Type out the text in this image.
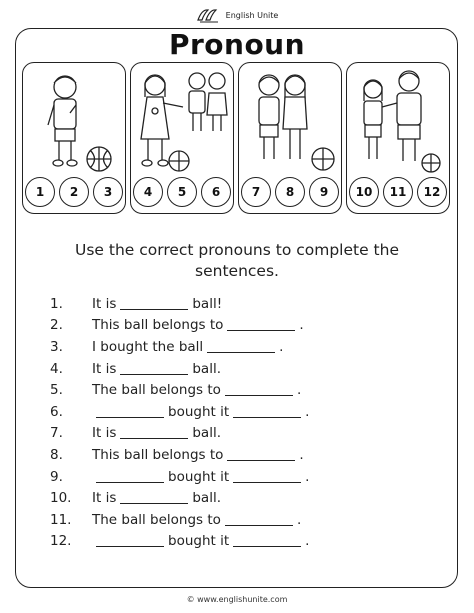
English Unite
Pronoun
1	2	3	4	5	6	7	8	9	10	11	12
Use the correct pronouns to complete the sentences.
1.	It is	ball!
2.	This ball belongs to	.
3.	I bought the ball	.
4.	It is	ball.
5.	The ball belongs to	.
6.	bought it	.
7.	It is	ball.
8.	This ball belongs to	.
9.	bought it	.
10.	It is	ball.
11.	The ball belongs to	.
12.	bought it	.
© www.englishunite.com
